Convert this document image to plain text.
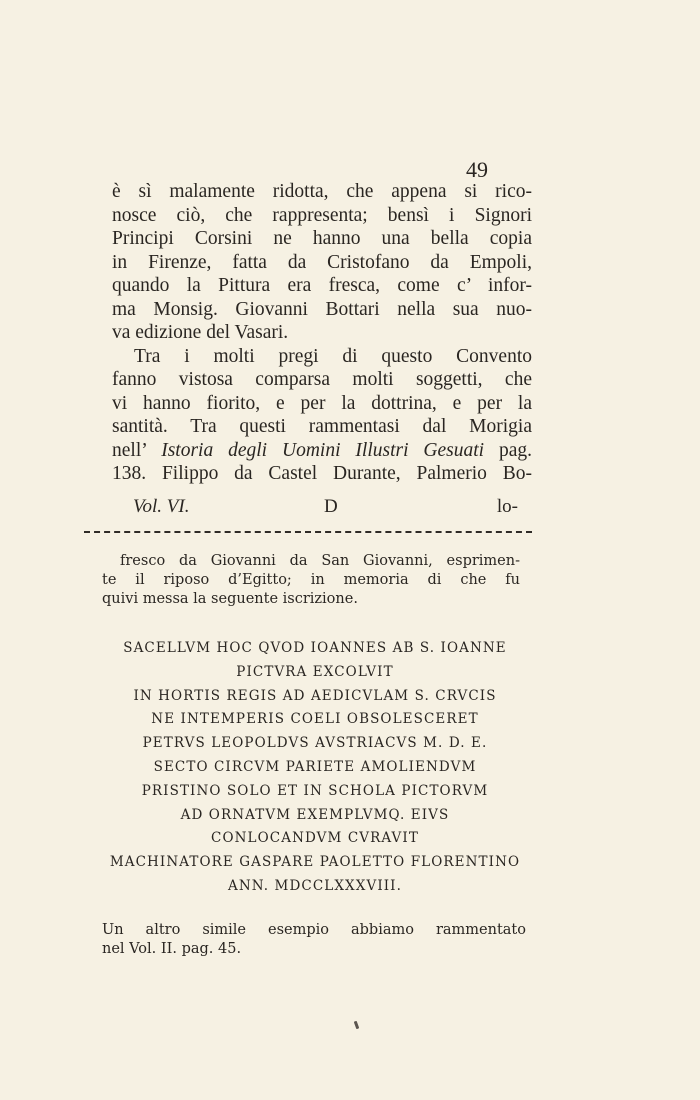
49
è sì malamente ridotta, che appena si rico-
nosce ciò, che rappresenta; bensì i Signori
Principi Corsini ne hanno una bella copia
in Firenze, fatta da Cristofano da Empoli,
quando la Pittura era fresca, come c’ infor-
ma Monsig. Giovanni Bottari nella sua nuo-
va edizione del Vasari.
Tra i molti pregi di questo Convento
fanno vistosa comparsa molti soggetti, che
vi hanno fiorito, e per la dottrina, e per la
santità. Tra questi rammentasi dal Morigia
nell’ Istoria degli Uomini Illustri Gesuati pag.
138. Filippo da Castel Durante, Palmerio Bo-
Vol. VI.	D	lo-
fresco da Giovanni da San Giovanni, esprimen-
te il riposo d’Egitto; in memoria di che fu
quivi messa la seguente iscrizione.
SACELLVM HOC QVOD IOANNES AB S. IOANNE
PICTVRA EXCOLVIT
IN HORTIS REGIS AD AEDICVLAM S. CRVCIS
NE INTEMPERIS COELI OBSOLESCERET
PETRVS LEOPOLDVS AVSTRIACVS M. D. E.
SECTO CIRCVM PARIETE AMOLIENDVM
PRISTINO SOLO ET IN SCHOLA PICTORVM
AD ORNATVM EXEMPLVMQ. EIVS
CONLOCANDVM CVRAVIT
MACHINATORE GASPARE PAOLETTO FLORENTINO
ANN. MDCCLXXXVIII.
Un altro simile esempio abbiamo rammentato
nel Vol. II. pag. 45.
